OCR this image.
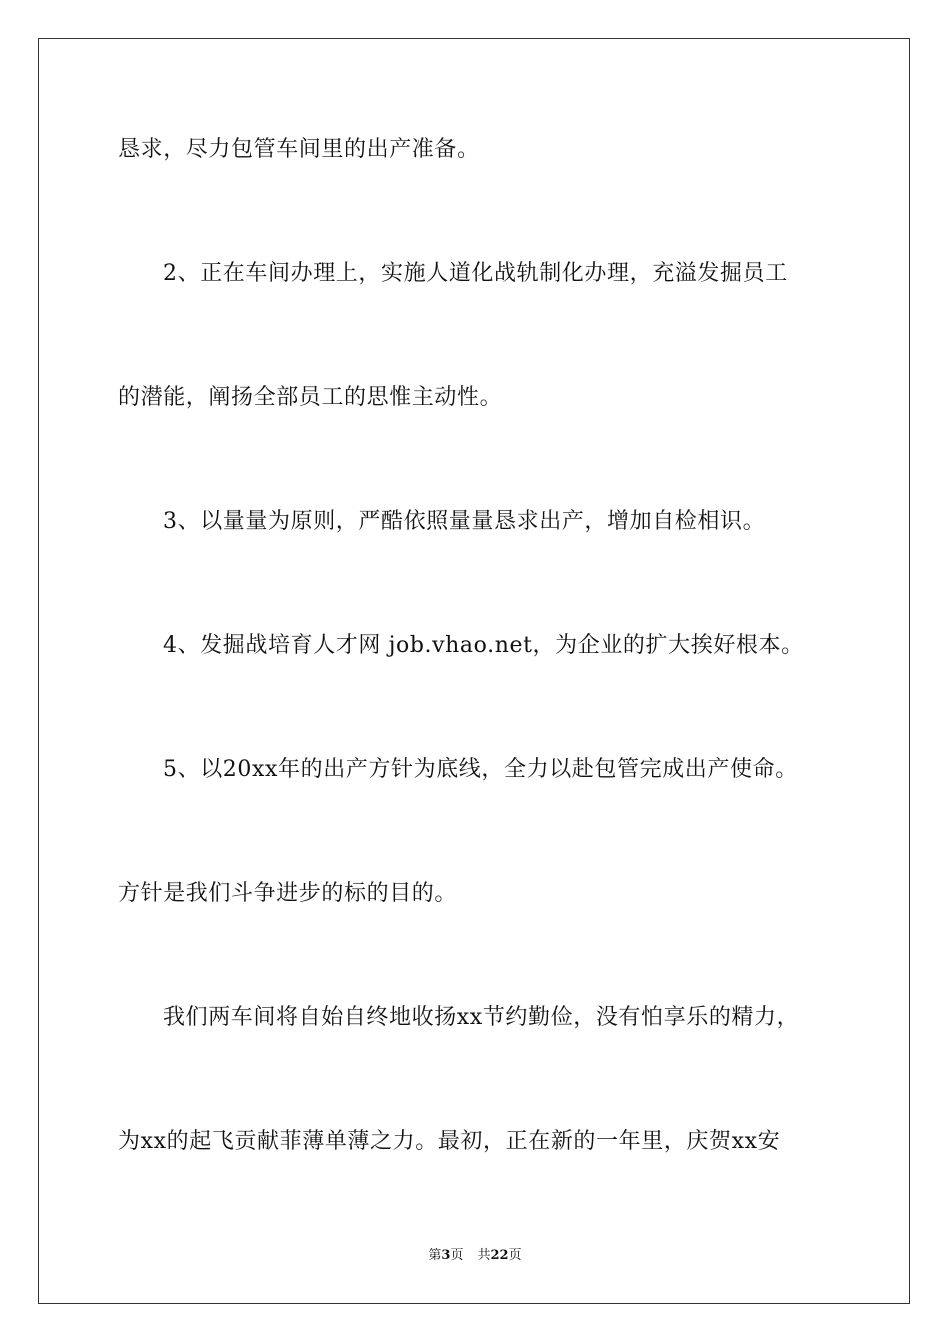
恳求，尽力包管车间里的出产准备。
2、正在车间办理上，实施人道化战轨制化办理，充溢发掘员工
的潜能，阐扬全部员工的思惟主动性。
3、以量量为原则，严酷依照量量恳求出产，增加自检相识。
4、发掘战培育人才网 job.vhao.net，为企业的扩大挨好根本。
5、以20xx年的出产方针为底线，全力以赴包管完成出产使命。
方针是我们斗争进步的标的目的。
我们两车间将自始自终地收扬xx节约勤俭，没有怕享乐的精力，
为xx的起飞贡献菲薄单薄之力。最初，正在新的一年里，庆贺xx安
第3页 共22页
